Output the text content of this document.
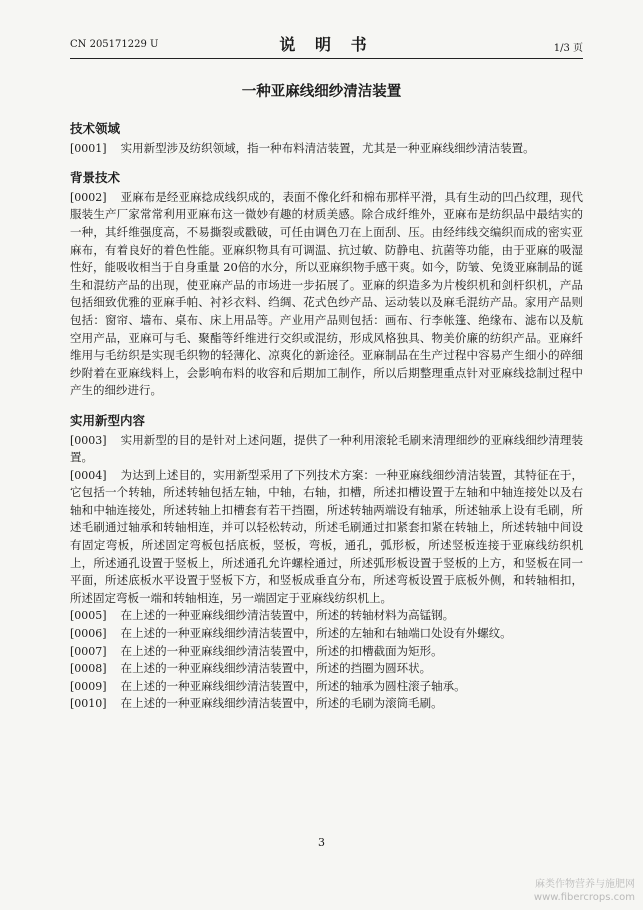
CN 205171229 U	说 明 书	1/3 页
一种亚麻线细纱清洁装置
技术领域

[0001] 实用新型涉及纺织领域，指一种布料清洁装置，尤其是一种亚麻线细纱清洁装置。

背景技术

[0002] 亚麻布是经亚麻捻成线织成的，表面不像化纤和棉布那样平滑，具有生动的凹凸纹理，现代服装生产厂家常常利用亚麻布这一微妙有趣的材质美感。除合成纤维外，亚麻布是纺织品中最结实的一种，其纤维强度高，不易撕裂或戳破，可任由调色刀在上面刮、压。由经纬线交编织而成的密实亚麻布，有着良好的着色性能。亚麻织物具有可调温、抗过敏、防静电、抗菌等功能，由于亚麻的吸湿性好，能吸收相当于自身重量 20倍的水分，所以亚麻织物手感干爽。如今，防皱、免烫亚麻制品的诞生和混纺产品的出现，使亚麻产品的市场进一步拓展了。亚麻的织造多为片梭织机和剑杆织机，产品包括细致优雅的亚麻手帕、衬衫衣料、绉绸、花式色纱产品、运动装以及麻毛混纺产品。家用产品则包括：窗帘、墙布、桌布、床上用品等。产业用产品则包括：画布、行李帐篷、绝缘布、滤布以及航空用产品，亚麻可与毛、聚酯等纤维进行交织或混纺，形成风格独具、物美价廉的纺织产品。亚麻纤维用与毛纺织是实现毛织物的轻薄化、凉爽化的新途径。亚麻制品在生产过程中容易产生细小的碎细纱附着在亚麻线料上，会影响布料的收容和后期加工制作，所以后期整理重点针对亚麻线捻制过程中产生的细纱进行。

实用新型内容

[0003] 实用新型的目的是针对上述问题，提供了一种利用滚轮毛刷来清理细纱的亚麻线细纱清理装置。

[0004] 为达到上述目的，实用新型采用了下列技术方案：一种亚麻线细纱清洁装置，其特征在于，它包括一个转轴，所述转轴包括左轴，中轴，右轴，扣槽，所述扣槽设置于左轴和中轴连接处以及右轴和中轴连接处，所述转轴上扣槽套有若干挡圈，所述转轴两端设有轴承，所述轴承上设有毛刷，所述毛刷通过轴承和转轴相连，并可以轻松转动，所述毛刷通过扣紧套扣紧在转轴上，所述转轴中间设有固定弯板，所述固定弯板包括底板，竖板，弯板，通孔，弧形板，所述竖板连接于亚麻线纺织机上，所述通孔设置于竖板上，所述通孔允许螺栓通过，所述弧形板设置于竖板的上方，和竖板在同一平面，所述底板水平设置于竖板下方，和竖板成垂直分布，所述弯板设置于底板外侧，和转轴相扣，所述固定弯板一端和转轴相连，另一端固定于亚麻线纺织机上。

[0005] 在上述的一种亚麻线细纱清洁装置中，所述的转轴材料为高锰钢。

[0006] 在上述的一种亚麻线细纱清洁装置中，所述的左轴和右轴端口处设有外螺纹。

[0007] 在上述的一种亚麻线细纱清洁装置中，所述的扣槽截面为矩形。

[0008] 在上述的一种亚麻线细纱清洁装置中，所述的挡圈为圆环状。

[0009] 在上述的一种亚麻线细纱清洁装置中，所述的轴承为圆柱滚子轴承。

[0010] 在上述的一种亚麻线细纱清洁装置中，所述的毛刷为滚筒毛刷。

3
麻类作物营养与施肥网
www.fibercrops.com
